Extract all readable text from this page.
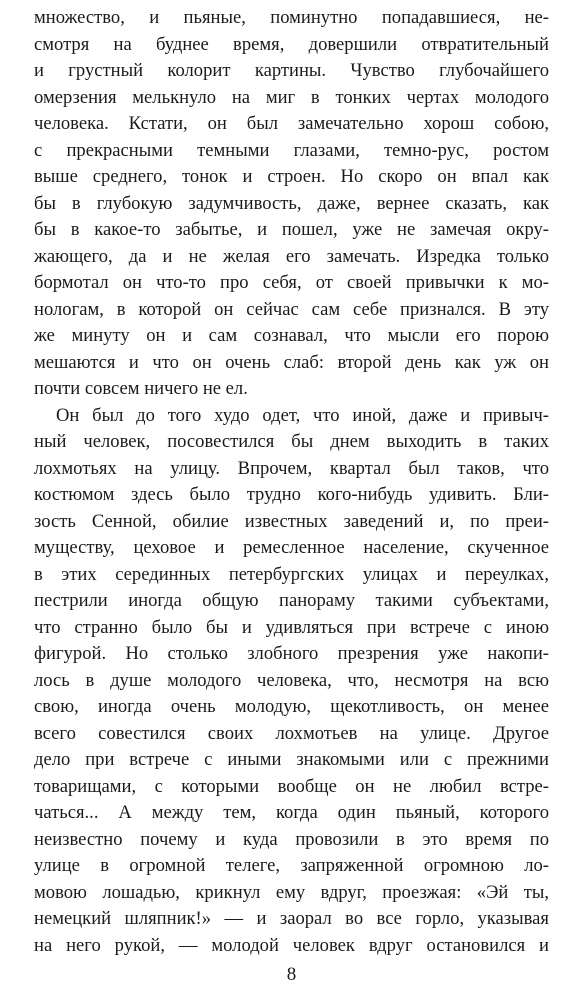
множество, и пьяные, поминутно попадавшиеся, не-
смотря на буднее время, довершили отвратительный
и грустный колорит картины. Чувство глубочайшего
омерзения мелькнуло на миг в тонких чертах молодого
человека. Кстати, он был замечательно хорош собою,
с прекрасными темными глазами, темно-рус, ростом
выше среднего, тонок и строен. Но скоро он впал как
бы в глубокую задумчивость, даже, вернее сказать, как
бы в какое-то забытье, и пошел, уже не замечая окру-
жающего, да и не желая его замечать. Изредка только
бормотал он что-то про себя, от своей привычки к мо-
нологам, в которой он сейчас сам себе признался. В эту
же минуту он и сам сознавал, что мысли его порою
мешаются и что он очень слаб: второй день как уж он
почти совсем ничего не ел.
Он был до того худо одет, что иной, даже и привыч-
ный человек, посовестился бы днем выходить в таких
лохмотьях на улицу. Впрочем, квартал был таков, что
костюмом здесь было трудно кого-нибудь удивить. Бли-
зость Сенной, обилие известных заведений и, по преи-
муществу, цеховое и ремесленное население, скученное
в этих серединных петербургских улицах и переулках,
пестрили иногда общую панораму такими субъектами,
что странно было бы и удивляться при встрече с иною
фигурой. Но столько злобного презрения уже накопи-
лось в душе молодого человека, что, несмотря на всю
свою, иногда очень молодую, щекотливость, он менее
всего совестился своих лохмотьев на улице. Другое
дело при встрече с иными знакомыми или с прежними
товарищами, с которыми вообще он не любил встре-
чаться... А между тем, когда один пьяный, которого
неизвестно почему и куда провозили в это время по
улице в огромной телеге, запряженной огромною ло-
мовою лошадью, крикнул ему вдруг, проезжая: «Эй ты,
немецкий шляпник!» — и заорал во все горло, указывая
на него рукой, — молодой человек вдруг остановился и
8
